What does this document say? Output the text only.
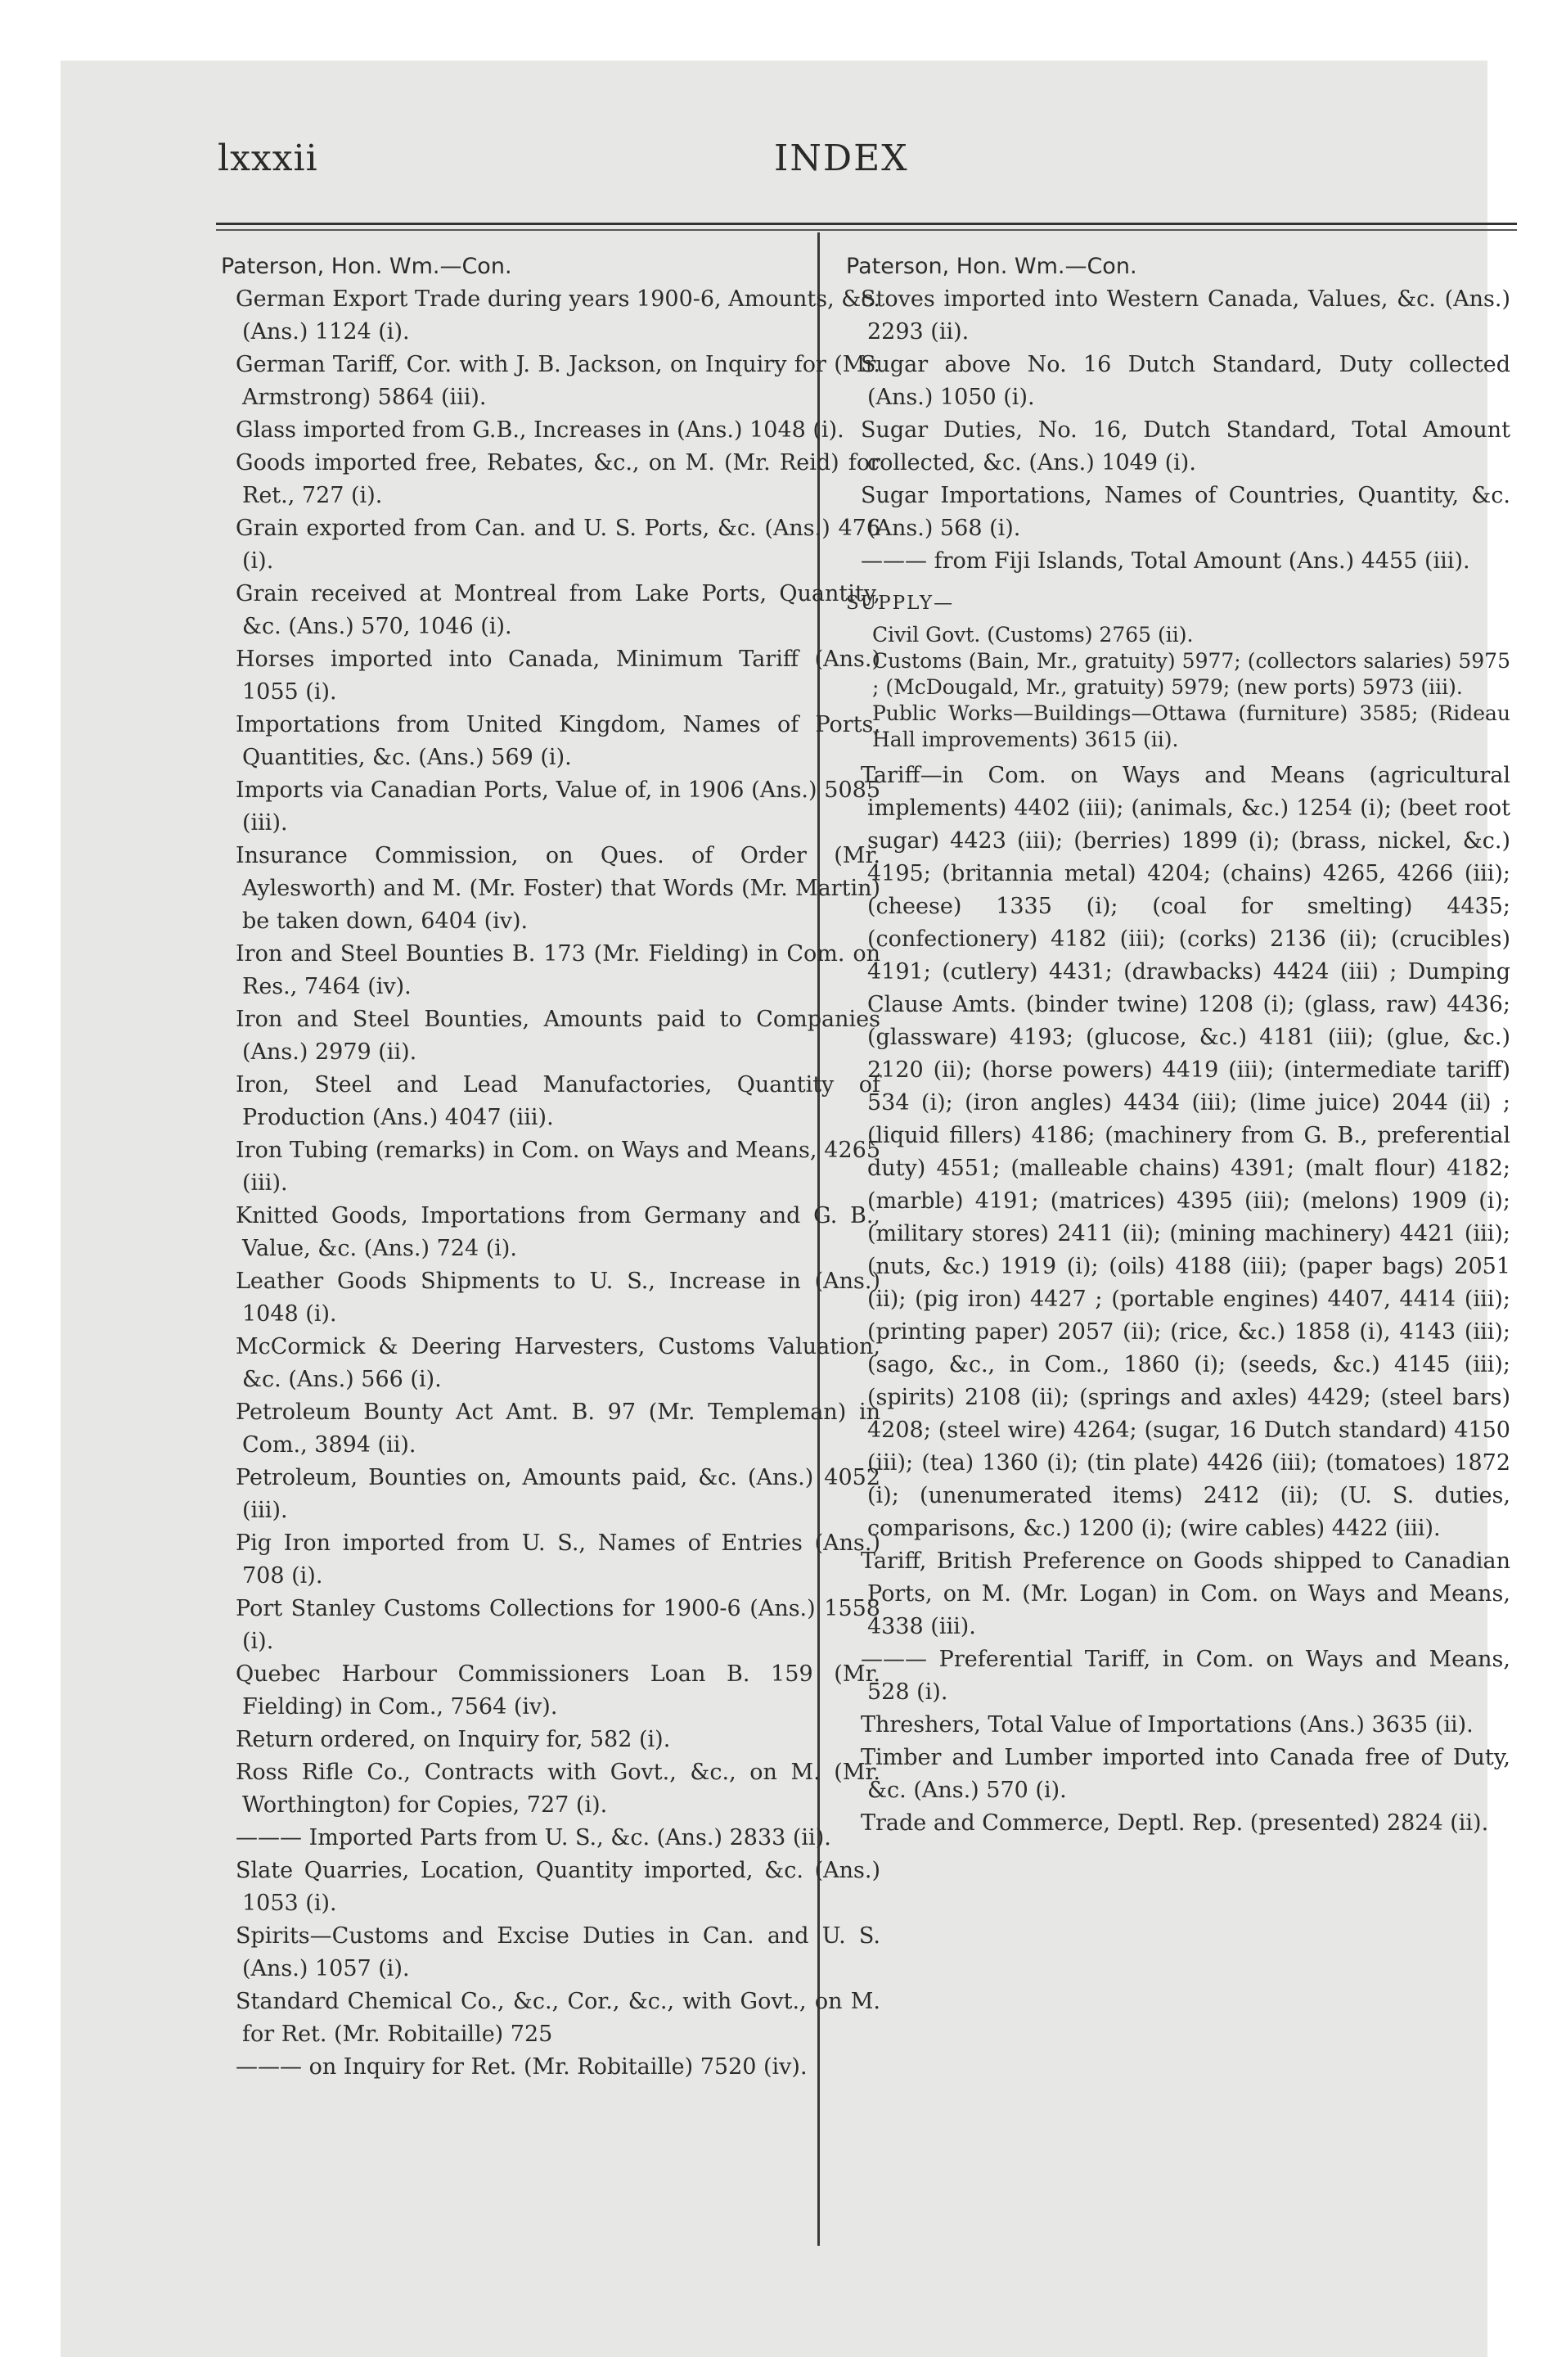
lxxxii	INDEX
Paterson, Hon. Wm.—Con.
German Export Trade during years 1900-6, Amounts, &c. (Ans.) 1124 (i).
German Tariff, Cor. with J. B. Jackson, on Inquiry for (Mr. Armstrong) 5864 (iii).
Glass imported from G.B., Increases in (Ans.) 1048 (i).
Goods imported free, Rebates, &c., on M. (Mr. Reid) for Ret., 727 (i).
Grain exported from Can. and U. S. Ports, &c. (Ans.) 476 (i).
Grain received at Montreal from Lake Ports, Quantity, &c. (Ans.) 570, 1046 (i).
Horses imported into Canada, Minimum Tariff (Ans.) 1055 (i).
Importations from United Kingdom, Names of Ports, Quantities, &c. (Ans.) 569 (i).
Imports via Canadian Ports, Value of, in 1906 (Ans.) 5085 (iii).
Insurance Commission, on Ques. of Order (Mr. Aylesworth) and M. (Mr. Foster) that Words (Mr. Martin) be taken down, 6404 (iv).
Iron and Steel Bounties B. 173 (Mr. Fielding) in Com. on Res., 7464 (iv).
Iron and Steel Bounties, Amounts paid to Companies (Ans.) 2979 (ii).
Iron, Steel and Lead Manufactories, Quantity of Production (Ans.) 4047 (iii).
Iron Tubing (remarks) in Com. on Ways and Means, 4265 (iii).
Knitted Goods, Importations from Germany and G. B., Value, &c. (Ans.) 724 (i).
Leather Goods Shipments to U. S., Increase in (Ans.) 1048 (i).
McCormick & Deering Harvesters, Customs Valuation, &c. (Ans.) 566 (i).
Petroleum Bounty Act Amt. B. 97 (Mr. Templeman) in Com., 3894 (ii).
Petroleum, Bounties on, Amounts paid, &c. (Ans.) 4052 (iii).
Pig Iron imported from U. S., Names of Entries (Ans.) 708 (i).
Port Stanley Customs Collections for 1900-6 (Ans.) 1558 (i).
Quebec Harbour Commissioners Loan B. 159 (Mr. Fielding) in Com., 7564 (iv).
Return ordered, on Inquiry for, 582 (i).
Ross Rifle Co., Contracts with Govt., &c., on M. (Mr. Worthington) for Copies, 727 (i).
——— Imported Parts from U. S., &c. (Ans.) 2833 (ii).
Slate Quarries, Location, Quantity imported, &c. (Ans.) 1053 (i).
Spirits—Customs and Excise Duties in Can. and U. S. (Ans.) 1057 (i).
Standard Chemical Co., &c., Cor., &c., with Govt., on M. for Ret. (Mr. Robitaille) 725
——— on Inquiry for Ret. (Mr. Robitaille) 7520 (iv).
Paterson, Hon. Wm.—Con.
Stoves imported into Western Canada, Values, &c. (Ans.) 2293 (ii).
Sugar above No. 16 Dutch Standard, Duty collected (Ans.) 1050 (i).
Sugar Duties, No. 16, Dutch Standard, Total Amount collected, &c. (Ans.) 1049 (i).
Sugar Importations, Names of Countries, Quantity, &c. (Ans.) 568 (i).
——— from Fiji Islands, Total Amount (Ans.) 4455 (iii).
SUPPLY—
Civil Govt. (Customs) 2765 (ii).
Customs (Bain, Mr., gratuity) 5977; (collectors salaries) 5975 ; (McDougald, Mr., gratuity) 5979; (new ports) 5973 (iii).
Public Works—Buildings—Ottawa (furniture) 3585; (Rideau Hall improvements) 3615 (ii).
Tariff—in Com. on Ways and Means (agricultural implements) 4402 (iii); (animals, &c.) 1254 (i); (beet root sugar) 4423 (iii); (berries) 1899 (i); (brass, nickel, &c.) 4195; (britannia metal) 4204; (chains) 4265, 4266 (iii); (cheese) 1335 (i); (coal for smelting) 4435; (confectionery) 4182 (iii); (corks) 2136 (ii); (crucibles) 4191; (cutlery) 4431; (drawbacks) 4424 (iii) ; Dumping Clause Amts. (binder twine) 1208 (i); (glass, raw) 4436; (glassware) 4193; (glucose, &c.) 4181 (iii); (glue, &c.) 2120 (ii); (horse powers) 4419 (iii); (intermediate tariff) 534 (i); (iron angles) 4434 (iii); (lime juice) 2044 (ii) ; (liquid fillers) 4186; (machinery from G. B., preferential duty) 4551; (malleable chains) 4391; (malt flour) 4182; (marble) 4191; (matrices) 4395 (iii); (melons) 1909 (i); (military stores) 2411 (ii); (mining machinery) 4421 (iii); (nuts, &c.) 1919 (i); (oils) 4188 (iii); (paper bags) 2051 (ii); (pig iron) 4427 ; (portable engines) 4407, 4414 (iii); (printing paper) 2057 (ii); (rice, &c.) 1858 (i), 4143 (iii); (sago, &c., in Com., 1860 (i); (seeds, &c.) 4145 (iii); (spirits) 2108 (ii); (springs and axles) 4429; (steel bars) 4208; (steel wire) 4264; (sugar, 16 Dutch standard) 4150 (iii); (tea) 1360 (i); (tin plate) 4426 (iii); (tomatoes) 1872 (i); (unenumerated items) 2412 (ii); (U. S. duties, comparisons, &c.) 1200 (i); (wire cables) 4422 (iii).
Tariff, British Preference on Goods shipped to Canadian Ports, on M. (Mr. Logan) in Com. on Ways and Means, 4338 (iii).
——— Preferential Tariff, in Com. on Ways and Means, 528 (i).
Threshers, Total Value of Importations (Ans.) 3635 (ii).
Timber and Lumber imported into Canada free of Duty, &c. (Ans.) 570 (i).
Trade and Commerce, Deptl. Rep. (presented) 2824 (ii).
